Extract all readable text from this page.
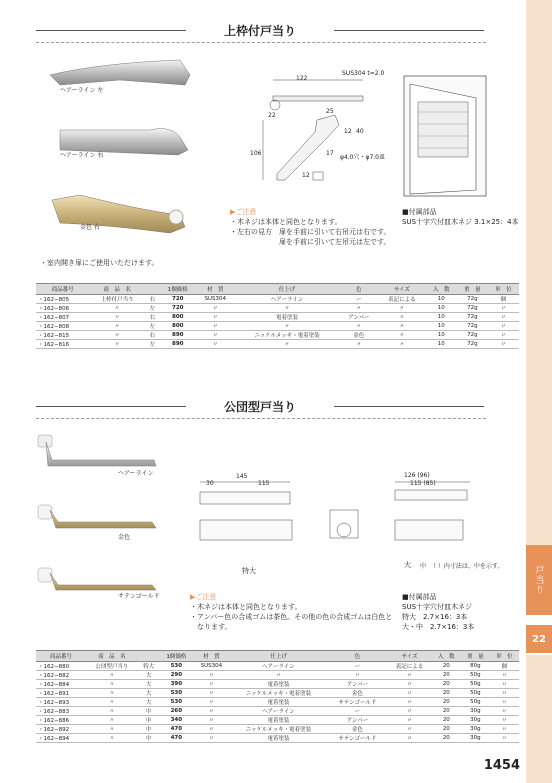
戸当り
22
上枠付戸当り
ヘアーライン 左
ヘアーライン 右
金色 右
122
SUS304 t=2.0
25
22
12 40
17
106
12
φ4.0穴・φ7.0皿
▶ご注意
・木ネジは本体と同色となります。
・左右の見方　扉を手前に引いて右吊元は右です。
　　　　　　　扉を手前に引いて左吊元は左です。
■付属部品
SUS十字穴付皿木ネジ 3.1×25：4本
・室内開き扉にご使用いただけます。
商品番号	商　品　名		1個価格	材　質	仕上げ	色	サイズ	入　数	重　量	単　位
・162−805	上枠付戸当り	右	720	SUS304	ヘアーライン	ー	表記による	10	72g	個
・162−806	〃	左	720	〃	〃	〃	〃	10	72g	〃
・162−807	〃	右	800	〃	電着塗装	アンバー	〃	10	72g	〃
・162−808	〃	左	800	〃	〃	〃	〃	10	72g	〃
・162−815	〃	右	890	〃	ニッケルメッキ・電着塗装	金色	〃	10	72g	〃
・162−816	〃	左	890	〃	〃	〃	〃	10	72g	〃
公団型戸当り
ヘアーライン
金色
サテンゴールド
145
115
30
特大
126 (96)
115 (85)
大 中 （ ）内寸法は、中を示す。
▶ご注意
・木ネジは本体と同色となります。
・アンバー色の合成ゴムは茶色。その他の色の合成ゴムは白色と
　なります。
■付属部品
SUS十字穴付皿木ネジ
特大　2.7×16：3本
大・中　2.7×16：3本
商品番号	商　品　名		1個価格	材　質	仕上げ	色	サイズ	入　数	重　量	単　位
・162−880	公団型戸当り	特大	530	SUS304	ヘアーライン	ー	表記による	20	80g	個
・162−882	〃	大	290	〃	〃	〃	〃	20	50g	〃
・162−884	〃	大	390	〃	電着塗装	アンバー	〃	20	50g	〃
・162−891	〃	大	530	〃	ニッケルメッキ・電着塗装	金色	〃	20	50g	〃
・162−893	〃	大	530	〃	電着塗装	サテンゴールド	〃	20	50g	〃
・162−883	〃	中	260	〃	ヘアーライン	ー	〃	20	30g	〃
・162−886	〃	中	340	〃	電着塗装	アンバー	〃	20	30g	〃
・162−892	〃	中	470	〃	ニッケルメッキ・電着塗装	金色	〃	20	30g	〃
・162−894	〃	中	470	〃	電着塗装	サテンゴールド	〃	20	30g	〃
1454
